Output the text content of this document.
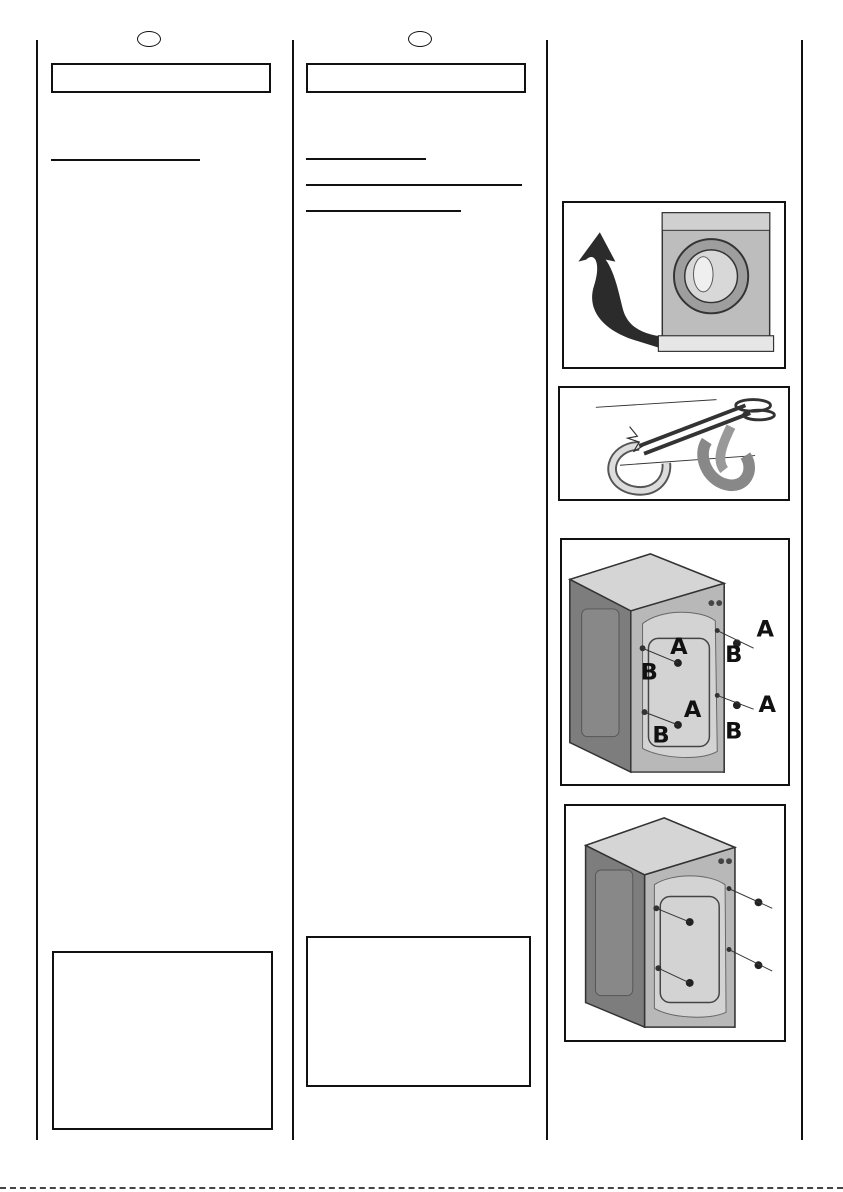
A
B
A
B
A
B
A
B
